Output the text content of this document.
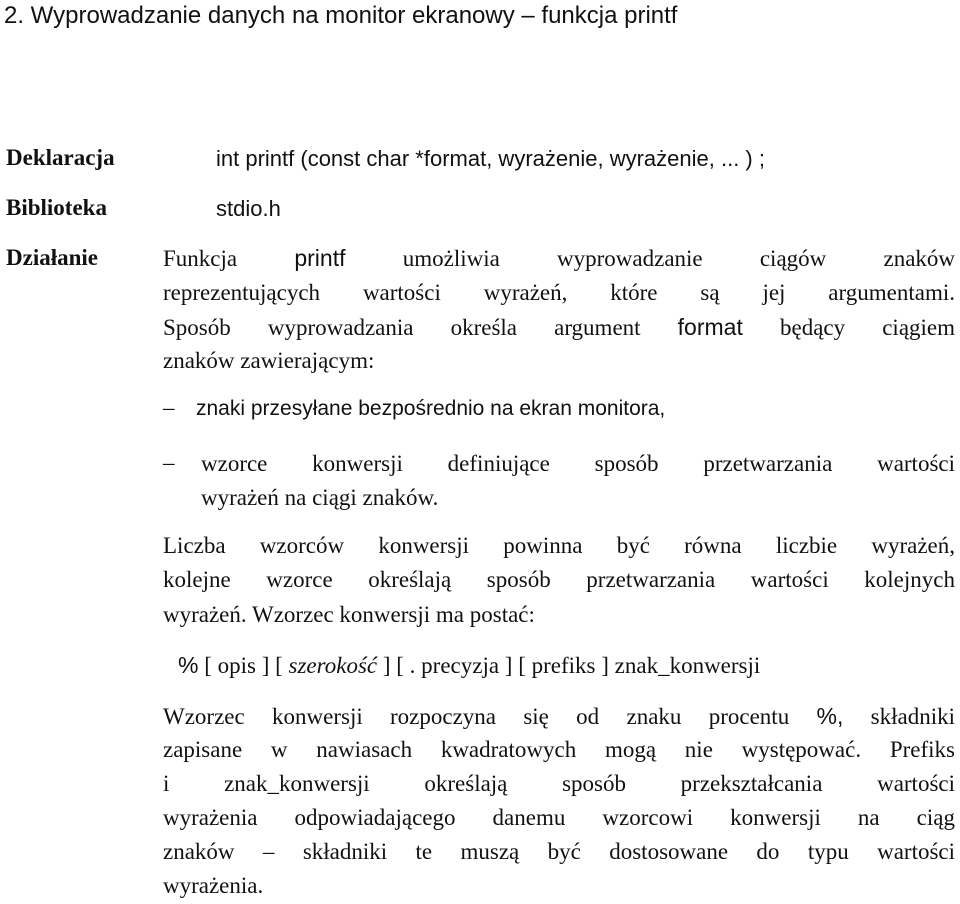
2. Wyprowadzanie danych na monitor ekranowy – funkcja printf
Deklaracja	int printf (const char *format, wyrażenie, wyrażenie, ... ) ;
Biblioteka	stdio.h
Działanie	Funkcja printf umożliwia wyprowadzanie ciągów znaków
reprezentujących wartości wyrażeń, które są jej argumentami.
Sposób wyprowadzania określa argument format będący ciągiem
znaków zawierającym:
– znaki przesyłane bezpośrednio na ekran monitora,
– wzorce konwersji definiujące sposób przetwarzania wartości
wyrażeń na ciągi znaków.
Liczba wzorców konwersji powinna być równa liczbie wyrażeń,
kolejne wzorce określają sposób przetwarzania wartości kolejnych
wyrażeń. Wzorzec konwersji ma postać:
% [ opis ] [ szerokość ] [ . precyzja ] [ prefiks ] znak_konwersji
Wzorzec konwersji rozpoczyna się od znaku procentu %, składniki
zapisane w nawiasach kwadratowych mogą nie występować. Prefiks
i znak_konwersji określają sposób przekształcania wartości
wyrażenia odpowiadającego danemu wzorcowi konwersji na ciąg
znaków – składniki te muszą być dostosowane do typu wartości
wyrażenia.
